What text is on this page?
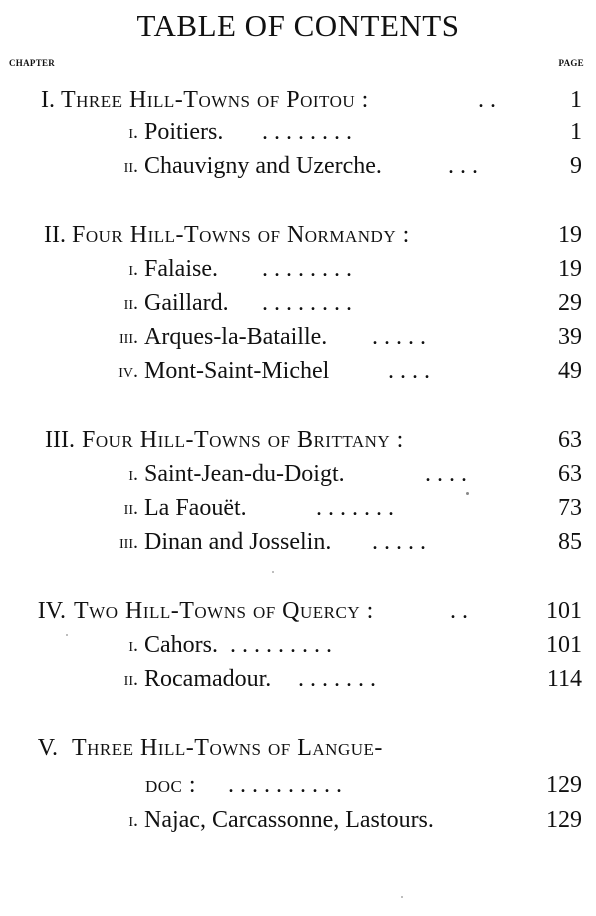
TABLE OF CONTENTS
CHAPTER	PAGE
I. Three Hill-Towns of Poitou :	. .	1
i. Poitiers. . . . . . . . .	1
ii. Chauvigny and Uzerche.	. . .	9
II. Four Hill-Towns of Normandy :	19
i. Falaise. . . . . . . . .	19
ii. Gaillard. . . . . . . . .	29
iii. Arques-la-Bataille. . . . . .	39
iv. Mont-Saint-Michel . . . .	49
III. Four Hill-Towns of Brittany :	63
i. Saint-Jean-du-Doigt.	. . . .	63
ii. La Faouët.	. . . . . . .	73
iii. Dinan and Josselin. . . . . .	85
IV. Two Hill-Towns of Quercy :	. .	101
i. Cahors. . . . . . . . . .	101
ii. Rocamadour. . . . . . . .	114
V. Three Hill-Towns of Langue-
doc : . . . . . . . . . .	129
i. Najac, Carcassonne, Lastours.	129
